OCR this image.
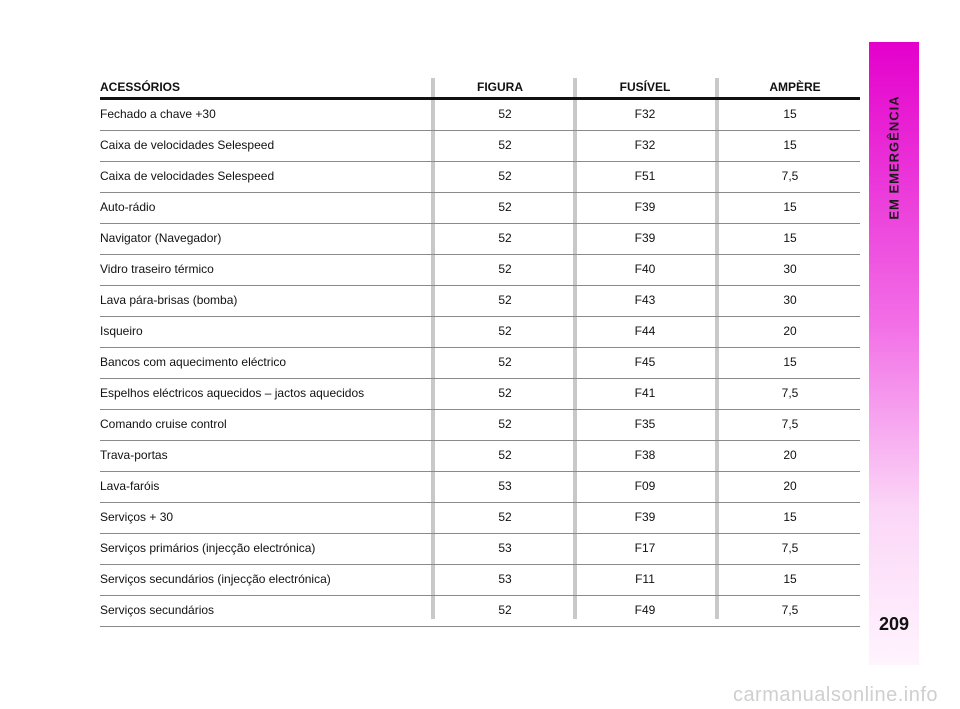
EM EMERGÊNCIA
209
ACESSÓRIOS	FIGURA	FUSÍVEL	AMPÈRE
Fechado a chave +30	52	F32	15
Caixa de velocidades Selespeed	52	F32	15
Caixa de velocidades Selespeed	52	F51	7,5
Auto-rádio	52	F39	15
Navigator (Navegador)	52	F39	15
Vidro traseiro térmico	52	F40	30
Lava pára-brisas (bomba)	52	F43	30
Isqueiro	52	F44	20
Bancos com aquecimento eléctrico	52	F45	15
Espelhos eléctricos aquecidos – jactos aquecidos	52	F41	7,5
Comando cruise control	52	F35	7,5
Trava-portas	52	F38	20
Lava-faróis	53	F09	20
Serviços + 30	52	F39	15
Serviços primários (injecção electrónica)	53	F17	7,5
Serviços secundários (injecção electrónica)	53	F11	15
Serviços secundários	52	F49	7,5
carmanualsonline.info
